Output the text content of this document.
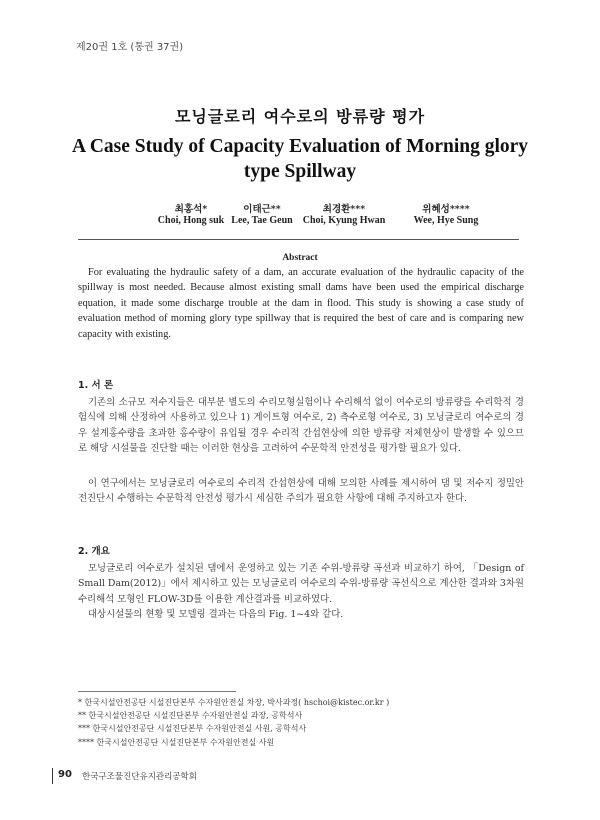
제20권 1호 (통권 37권)
모닝글로리 여수로의 방류량 평가
A Case Study of Capacity Evaluation of Morning glory type Spillway
최홍석*
Choi, Hong suk
이태근**
Lee, Tae Geun
최경환***
Choi, Kyung Hwan
위혜성****
Wee, Hye Sung
Abstract
For evaluating the hydraulic safety of a dam, an accurate evaluation of the hydraulic capacity of the spillway is most needed. Because almost existing small dams have been used the empirical discharge equation, it made some discharge trouble at the dam in flood. This study is showing a case study of evaluation method of morning glory type spillway that is required the best of care and is comparing new capacity with existing.
1. 서 론
기존의 소규모 저수지들은 대부분 별도의 수리모형실험이나 수리해석 없이 여수로의 방류량을 수리학적 경험식에 의해 산정하여 사용하고 있으나 1) 게이트형 여수로, 2) 측수로형 여수로, 3) 모닝글로리 여수로의 경우 설계홍수량을 초과한 홍수량이 유입될 경우 수리적 간섭현상에 의한 방류량 저체현상이 발생할 수 있으므로 해당 시설물을 진단할 때는 이러한 현상을 고려하여 수문학적 안전성을 평가할 필요가 있다.
이 연구에서는 모닝글로리 여수로의 수리적 간섭현상에 대해 모의한 사례를 제시하여 댐 및 저수지 정밀안전진단시 수행하는 수문학적 안전성 평가시 세심한 주의가 필요한 사항에 대해 주지하고자 한다.
2. 개요
모닝글로리 여수로가 설치된 댐에서 운영하고 있는 기존 수위-방류량 곡선과 비교하기 하여, 「Design of Small Dam(2012)」에서 제시하고 있는 모닝글로리 여수로의 수위-방류량 곡선식으로 계산한 결과와 3차원 수리해석 모형인 FLOW-3D를 이용한 계산결과를 비교하였다.
대상시설물의 현황 및 모델링 결과는 다음의 Fig. 1~4와 같다.
* 한국시설안전공단 시설진단본부 수자원안전실 차장, 박사과정( hschoi@kistec.or.kr )
** 한국시설안전공단 시설진단본부 수자원안전실 과장, 공학석사
*** 한국시설안전공단 시설진단본부 수자원안전실 사원, 공학석사
**** 한국시설안전공단 시설진단본부 수자원안전실 사원
90 한국구조물진단유지관리공학회
